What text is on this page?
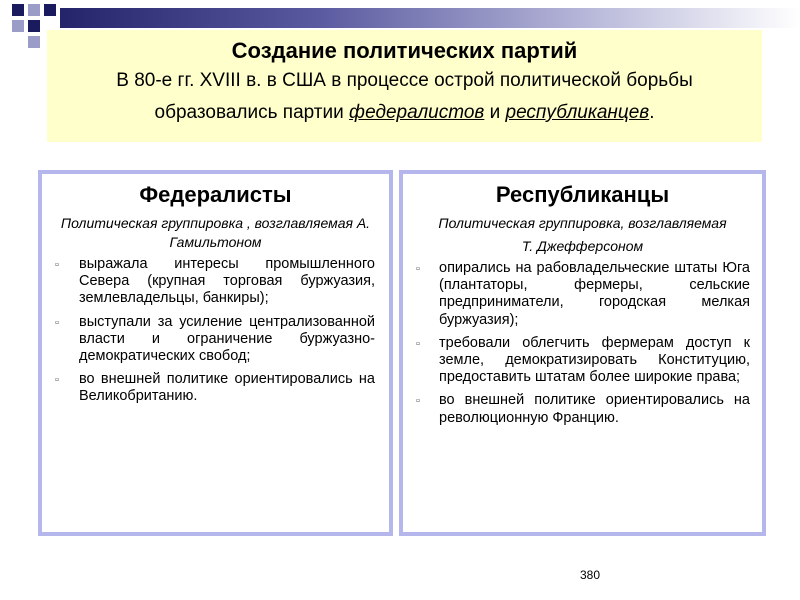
Создание политических партий
В 80-е гг. XVIII в. в США в процессе острой политической борьбы
образовались партии федералистов и республиканцев.
Федералисты
Политическая группировка , возглавляемая А. Гамильтоном
▫	выражала интересы промышленного Севера (крупная торговая буржуазия, землевладельцы, банкиры);
▫	выступали за усиление централизованной власти и ограничение буржуазно-демократических свобод;
▫	во внешней политике ориентировались на Великобританию.
Республиканцы
Политическая группировка, возглавляемая
Т. Джефферсоном
▫	опирались на рабовладельческие штаты Юга (плантаторы, фермеры, сельские предприниматели, городская мелкая буржуазия);
▫	требовали облегчить фермерам доступ к земле, демократизировать Конституцию, предоставить штатам более широкие права;
▫	во внешней политике ориентировались на революционную Францию.
380
